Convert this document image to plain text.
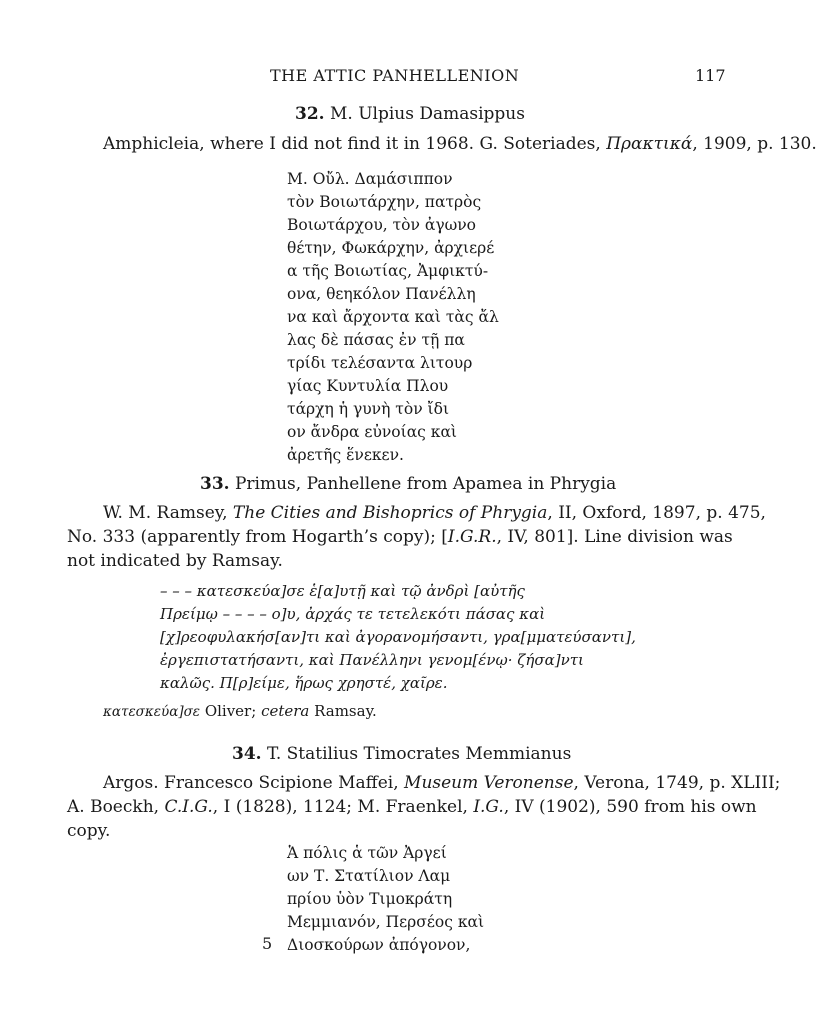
THE ATTIC PANHELLENION	117
32. M. Ulpius Damasippus
Amphicleia, where I did not find it in 1968. G. Soteriades, Πρακτικά, 1909, p. 130.
Μ. Οὔλ. Δαμάσιππον
τὸν Βοιωτάρχην, πατρὸς
Βοιωτάρχου, τὸν ἀγωνο
θέτην, Φωκάρχην, ἀρχιερέ
α τῆς Βοιωτίας, Ἀμφικτύ-
ονα, θεηκόλον Πανέλλη
να καὶ ἄρχοντα καὶ τὰς ἄλ
λας δὲ πάσας ἐν τῇ πα
τρίδι τελέσαντα λιτουρ
γίας Κυντυλία Πλου
τάρχη ἡ γυνὴ τὸν ἴδι
ον ἄνδρα εὐνοίας καὶ
ἀρετῆς ἕνεκεν.
33. Primus, Panhellene from Apamea in Phrygia
W. M. Ramsey, The Cities and Bishoprics of Phrygia, II, Oxford, 1897, p. 475,
No. 333 (apparently from Hogarth’s copy); [I.G.R., IV, 801]. Line division was
not indicated by Ramsay.
– – – κατεσκεύα]σε ἑ[α]υτῇ καὶ τῷ ἀνδρὶ [αὐτῆς
Πρείμῳ – – – – ο]υ, ἀρχάς τε τετελεκότι πάσας καὶ
[χ]ρεοφυλακήσ[αν]τι καὶ ἀγορανομήσαντι, γρα[μματεύσαντι],
ἐργεπιστατήσαντι, καὶ Πανέλληνι γενομ[ένῳ· ζήσα]ντι
καλῶς. Π[ρ]είμε, ἥρως χρηστέ, χαῖρε.
κατεσκεύα]σε Oliver; cetera Ramsay.
34. T. Statilius Timocrates Memmianus
Argos. Francesco Scipione Maffei, Museum Veronense, Verona, 1749, p. XLIII;
A. Boeckh, C.I.G., I (1828), 1124; M. Fraenkel, I.G., IV (1902), 590 from his own
copy.
Ἁ πόλις ἁ τῶν Ἀργεί
ων Τ. Στατίλιον Λαμ
πρίου ὑὸν Τιμοκράτη
Μεμμιανόν, Περσέος καὶ
Διοσκούρων ἀπόγονον,
5
